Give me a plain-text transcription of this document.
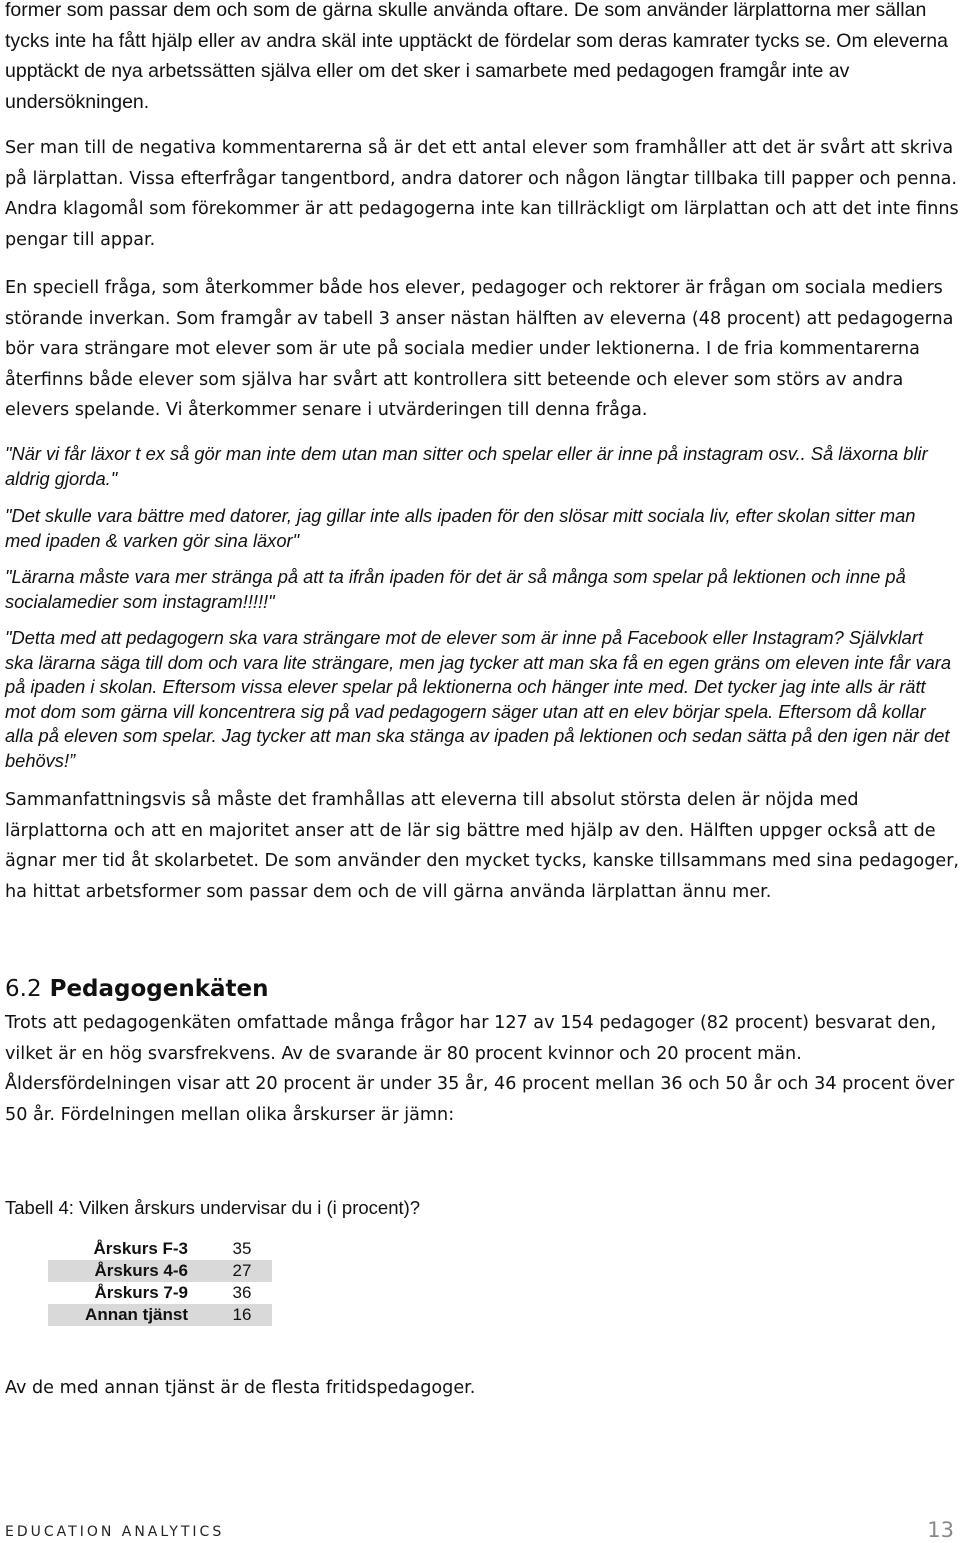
former som passar dem och som de gärna skulle använda oftare. De som använder lärplattorna mer sällan tycks inte ha fått hjälp eller av andra skäl inte upptäckt de fördelar som deras kamrater tycks se. Om eleverna upptäckt de nya arbetssätten själva eller om det sker i samarbete med pedagogen framgår inte av undersökningen.

Ser man till de negativa kommentarerna så är det ett antal elever som framhåller att det är svårt att skriva på lärplattan. Vissa efterfrågar tangentbord, andra datorer och någon längtar tillbaka till papper och penna. Andra klagomål som förekommer är att pedagogerna inte kan tillräckligt om lärplattan och att det inte finns pengar till appar.

En speciell fråga, som återkommer både hos elever, pedagoger och rektorer är frågan om sociala mediers störande inverkan. Som framgår av tabell 3 anser nästan hälften av eleverna (48 procent) att pedagogerna bör vara strängare mot elever som är ute på sociala medier under lektionerna. I de fria kommentarerna återfinns både elever som själva har svårt att kontrollera sitt beteende och elever som störs av andra elevers spelande. Vi återkommer senare i utvärderingen till denna fråga.

"När vi får läxor t ex så gör man inte dem utan man sitter och spelar eller är inne på instagram osv.. Så läxorna blir aldrig gjorda."

"Det skulle vara bättre med datorer, jag gillar inte alls ipaden för den slösar mitt sociala liv, efter skolan sitter man med ipaden & varken gör sina läxor"

"Lärarna måste vara mer stränga på att ta ifrån ipaden för det är så många som spelar på lektionen och inne på socialamedier som instagram!!!!!"

"Detta med att pedagogern ska vara strängare mot de elever som är inne på Facebook eller Instagram? Självklart ska lärarna säga till dom och vara lite strängare, men jag tycker att man ska få en egen gräns om eleven inte får vara på ipaden i skolan. Eftersom vissa elever spelar på lektionerna och hänger inte med. Det tycker jag inte alls är rätt mot dom som gärna vill koncentrera sig på vad pedagogern säger utan att en elev börjar spela. Eftersom då kollar alla på eleven som spelar. Jag tycker att man ska stänga av ipaden på lektionen och sedan sätta på den igen när det behövs!”

Sammanfattningsvis så måste det framhållas att eleverna till absolut största delen är nöjda med lärplattorna och att en majoritet anser att de lär sig bättre med hjälp av den. Hälften uppger också att de ägnar mer tid åt skolarbetet. De som använder den mycket tycks, kanske tillsammans med sina pedagoger, ha hittat arbetsformer som passar dem och de vill gärna använda lärplattan ännu mer.

6.2 Pedagogenkäten

Trots att pedagogenkäten omfattade många frågor har 127 av 154 pedagoger (82 procent) besvarat den, vilket är en hög svarsfrekvens. Av de svarande är 80 procent kvinnor och 20 procent män. Åldersfördelningen visar att 20 procent är under 35 år, 46 procent mellan 36 och 50 år och 34 procent över 50 år. Fördelningen mellan olika årskurser är jämn:

Tabell 4: Vilken årskurs undervisar du i (i procent)?

Årskurs F-3	35
Årskurs 4-6	27
Årskurs 7-9	36
Annan tjänst	16

Av de med annan tjänst är de flesta fritidspedagoger.

EDUCATION ANALYTICS	13
